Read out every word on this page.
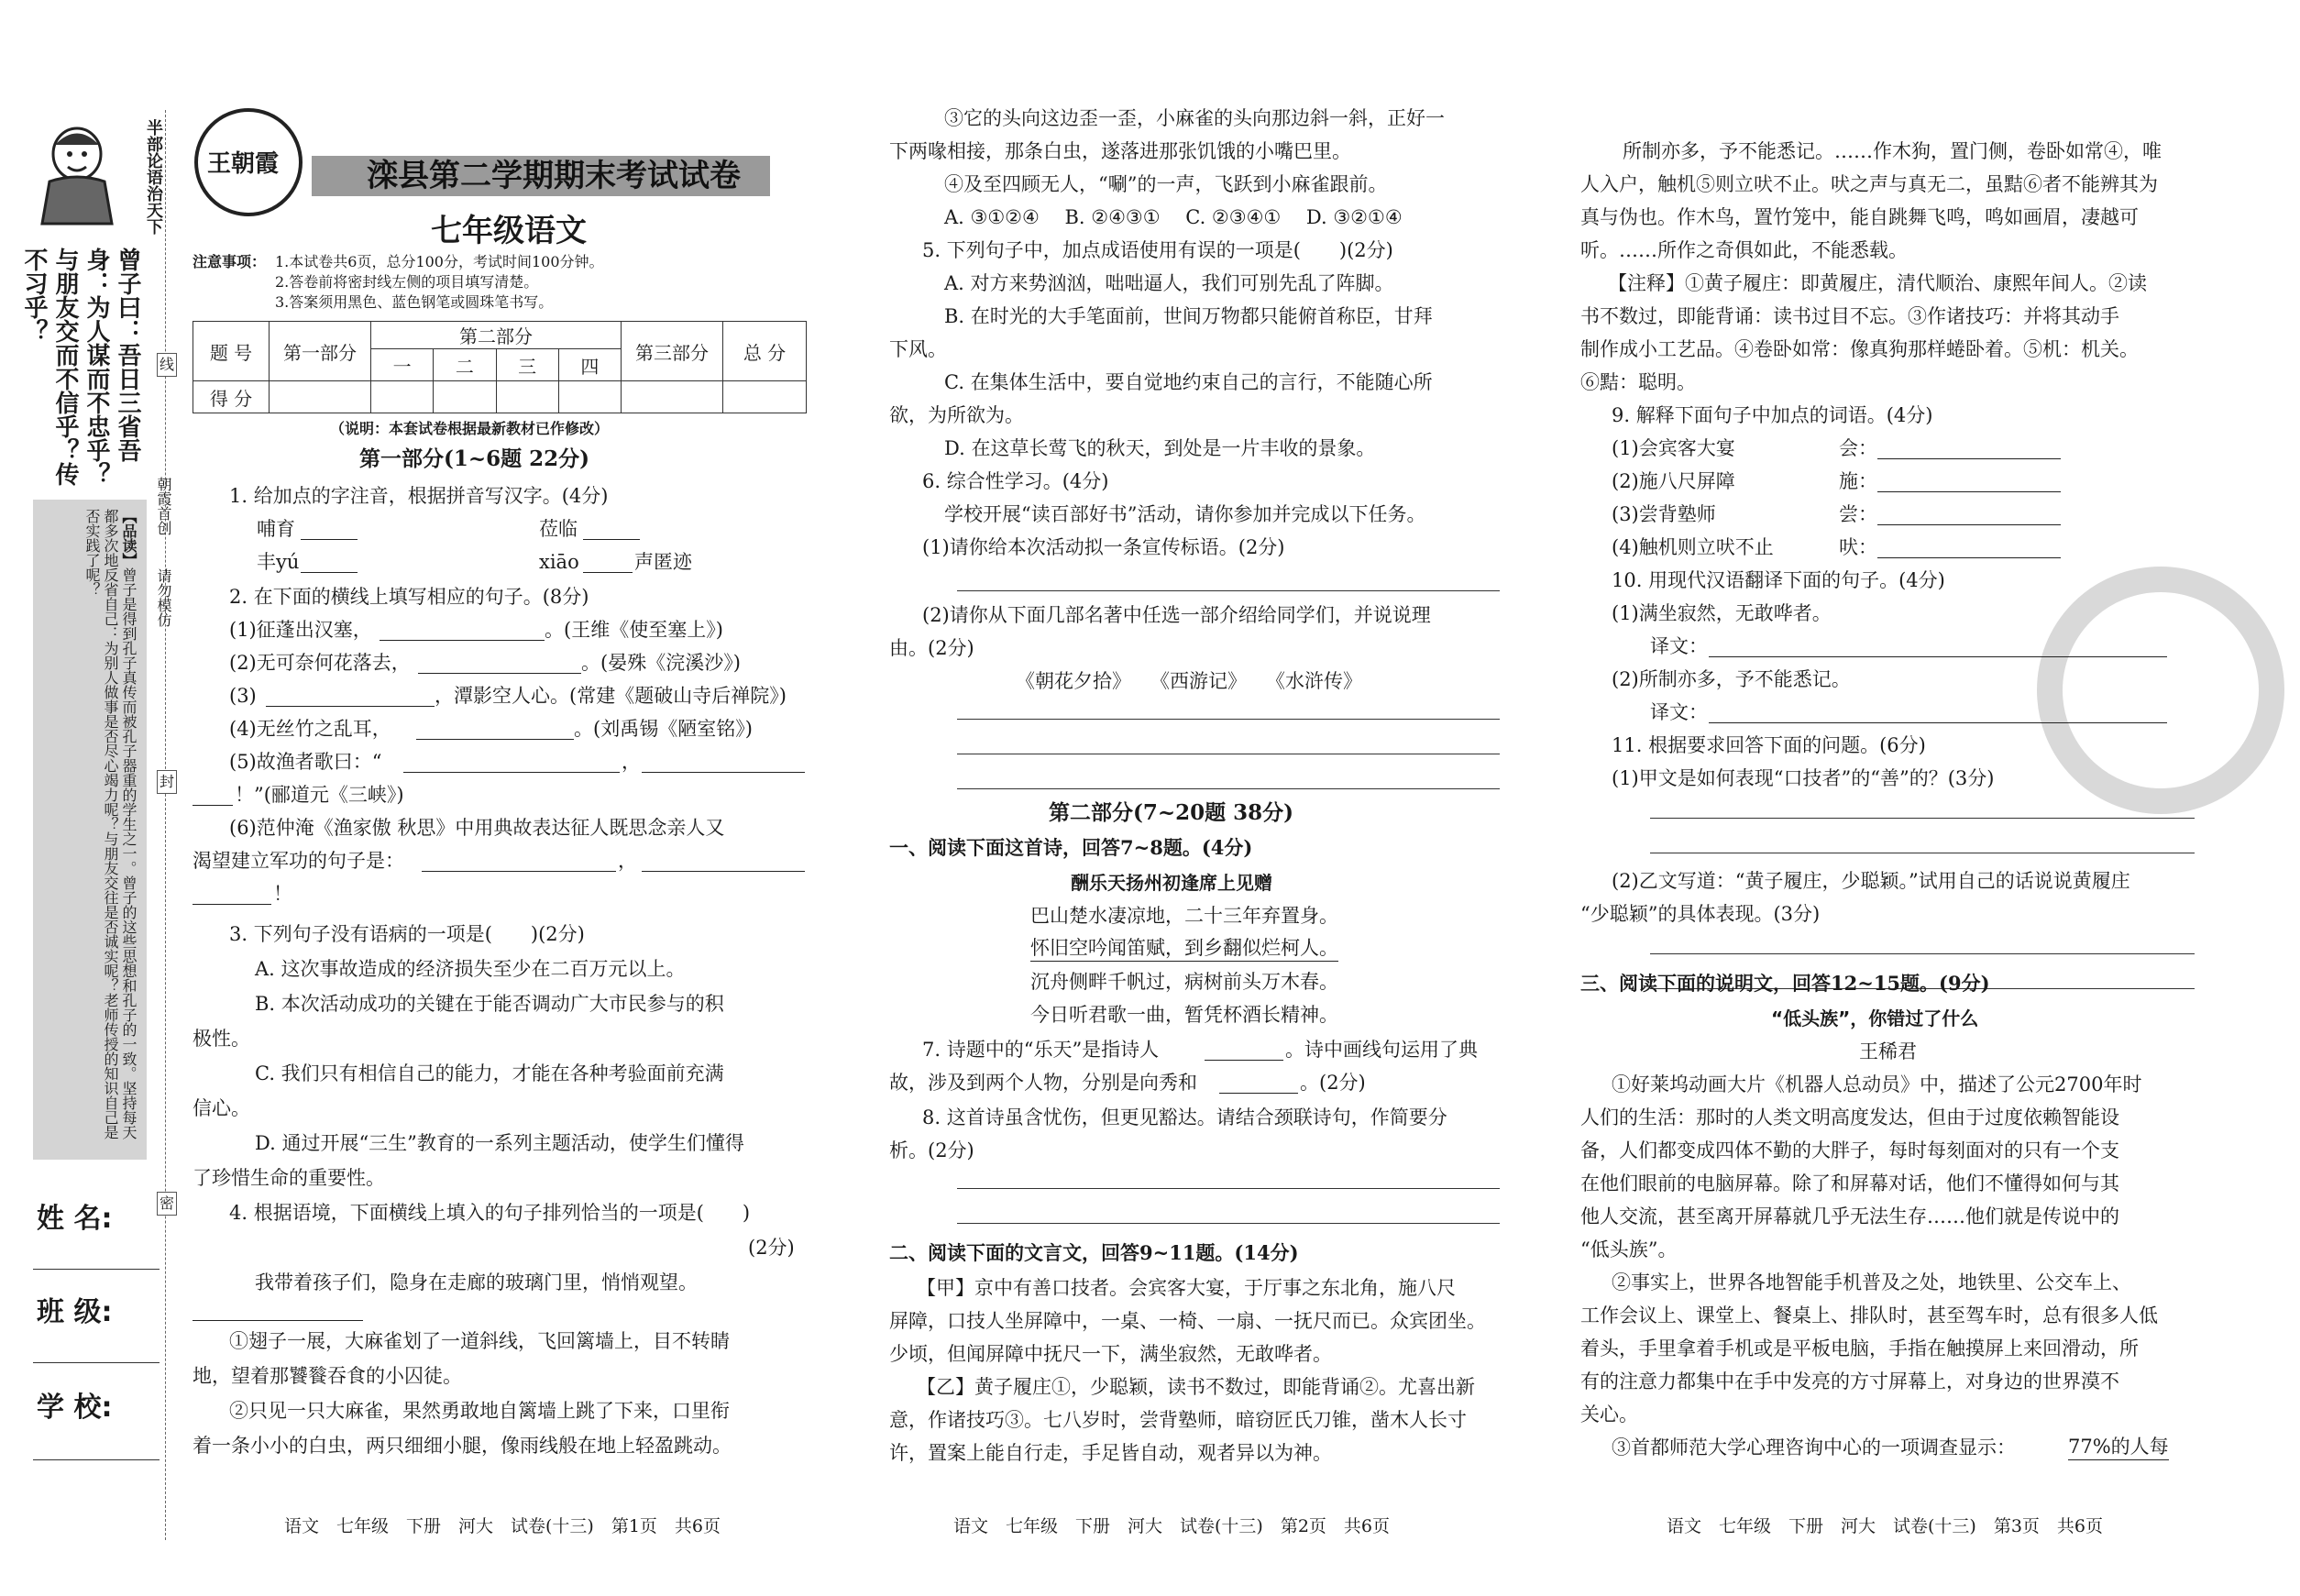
半部论语治天下
曾子曰：吾日三省吾身：为人谋而不忠乎？与朋友交而不信乎？传不习乎？
【品读】曾子是得到孔子真传而被孔子器重的学生之一。曾子的这些思想和孔子的一致。坚持每天都多次地反省自己：为别人做事是否尽心竭力呢？与朋友交往是否诚实呢？老师传授的知识自己是否实践了呢？
姓 名:
班 级:
学 校:
朝霞首创
请勿模仿
线
封
密
王朝霞	滦县第二学期期末考试试卷
七年级语文
注意事项： 1.本试卷共6页，总分100分，考试时间100分钟。
2.答卷前将密封线左侧的项目填写清楚。
3.答案须用黑色、蓝色钢笔或圆珠笔书写。
题 号	第一部分	第二部分				第三部分	总 分
		一	二	三	四		
得 分							
（说明：本套试卷根据最新教材已作修改）
第一部分(1~6题 22分)
1. 给加点的字注音，根据拼音写汉字。(4分)
哺育	莅临
丰yú	xiāo	声匿迹
2. 在下面的横线上填写相应的句子。(8分)
(1)征蓬出汉塞，	。(王维《使至塞上》)
(2)无可奈何花落去，	。(晏殊《浣溪沙》)
(3)	，潭影空人心。(常建《题破山寺后禅院》)
(4)无丝竹之乱耳，	。(刘禹锡《陋室铭》)
(5)故渔者歌曰：“	，
！”(郦道元《三峡》)
(6)范仲淹《渔家傲 秋思》中用典故表达征人既思念亲人又
渴望建立军功的句子是：	，
！
3. 下列句子没有语病的一项是(　　)(2分)
A. 这次事故造成的经济损失至少在二百万元以上。
B. 本次活动成功的关键在于能否调动广大市民参与的积
极性。
C. 我们只有相信自己的能力，才能在各种考验面前充满
信心。
D. 通过开展“三生”教育的一系列主题活动，使学生们懂得
了珍惜生命的重要性。
4. 根据语境，下面横线上填入的句子排列恰当的一项是(　　)
(2分)
我带着孩子们，隐身在走廊的玻璃门里，悄悄观望。
①翅子一展，大麻雀划了一道斜线，飞回篱墙上，目不转睛
地，望着那饕餮吞食的小囚徒。
②只见一只大麻雀，果然勇敢地自篱墙上跳了下来，口里衔
着一条小小的白虫，两只细细小腿，像雨线般在地上轻盈跳动。
语文　七年级　下册　河大　试卷(十三)　第1页　共6页
③它的头向这边歪一歪，小麻雀的头向那边斜一斜，正好一
下两喙相接，那条白虫，遂落进那张饥饿的小嘴巴里。
④及至四顾无人，“唰”的一声，飞跃到小麻雀跟前。
A. ③①②④　 B. ②④③①　 C. ②③④①　 D. ③②①④
5. 下列句子中，加点成语使用有误的一项是(　　)(2分)
A. 对方来势汹汹，咄咄逼人，我们可别先乱了阵脚。
B. 在时光的大手笔面前，世间万物都只能俯首称臣，甘拜
下风。
C. 在集体生活中，要自觉地约束自己的言行，不能随心所
欲，为所欲为。
D. 在这草长莺飞的秋天，到处是一片丰收的景象。
6. 综合性学习。(4分)
学校开展“读百部好书”活动，请你参加并完成以下任务。
(1)请你给本次活动拟一条宣传标语。(2分)
(2)请你从下面几部名著中任选一部介绍给同学们，并说说理
由。(2分)
《朝花夕拾》　　《西游记》　　《水浒传》
第二部分(7~20题 38分)
一、阅读下面这首诗，回答7~8题。(4分)
酬乐天扬州初逢席上见赠
巴山楚水凄凉地，二十三年弃置身。
怀旧空吟闻笛赋，到乡翻似烂柯人。
沉舟侧畔千帆过，病树前头万木春。
今日听君歌一曲，暂凭杯酒长精神。
7. 诗题中的“乐天”是指诗人	。诗中画线句运用了典
故，涉及到两个人物，分别是向秀和	。(2分)
8. 这首诗虽含忧伤，但更见豁达。请结合颈联诗句，作简要分
析。(2分)
二、阅读下面的文言文，回答9~11题。(14分)
【甲】京中有善口技者。会宾客大宴，于厅事之东北角，施八尺
屏障，口技人坐屏障中，一桌、一椅、一扇、一抚尺而已。众宾团坐。
少顷，但闻屏障中抚尺一下，满坐寂然，无敢哗者。
【乙】黄子履庄①，少聪颖，读书不数过，即能背诵②。尤喜出新
意，作诸技巧③。七八岁时，尝背塾师，暗窃匠氏刀锥，凿木人长寸
许，置案上能自行走，手足皆自动，观者异以为神。
语文　七年级　下册　河大　试卷(十三)　第2页　共6页
所制亦多，予不能悉记。……作木狗，置门侧，卷卧如常④，唯
人入户，触机⑤则立吠不止。吠之声与真无二，虽黠⑥者不能辨其为
真与伪也。作木鸟，置竹笼中，能自跳舞飞鸣，鸣如画眉，凄越可
听。……所作之奇俱如此，不能悉载。
【注释】①黄子履庄：即黄履庄，清代顺治、康熙年间人。②读
书不数过，即能背诵：读书过目不忘。③作诸技巧：并将其动手
制作成小工艺品。④卷卧如常：像真狗那样蜷卧着。⑤机：机关。
⑥黠：聪明。
9. 解释下面句子中加点的词语。(4分)
(1)会宾客大宴	会：
(2)施八尺屏障	施：
(3)尝背塾师	尝：
(4)触机则立吠不止	吠：
10. 用现代汉语翻译下面的句子。(4分)
(1)满坐寂然，无敢哗者。
译文：
(2)所制亦多，予不能悉记。
译文：
11. 根据要求回答下面的问题。(6分)
(1)甲文是如何表现“口技者”的“善”的？(3分)
(2)乙文写道：“黄子履庄，少聪颖。”试用自己的话说说黄履庄
“少聪颖”的具体表现。(3分)
三、阅读下面的说明文，回答12~15题。(9分)
“低头族”，你错过了什么
王稀君
①好莱坞动画大片《机器人总动员》中，描述了公元2700年时
人们的生活：那时的人类文明高度发达，但由于过度依赖智能设
备，人们都变成四体不勤的大胖子，每时每刻面对的只有一个支
在他们眼前的电脑屏幕。除了和屏幕对话，他们不懂得如何与其
他人交流，甚至离开屏幕就几乎无法生存……他们就是传说中的
“低头族”。
②事实上，世界各地智能手机普及之处，地铁里、公交车上、
工作会议上、课堂上、餐桌上、排队时，甚至驾车时，总有很多人低
着头，手里拿着手机或是平板电脑，手指在触摸屏上来回滑动，所
有的注意力都集中在手中发亮的方寸屏幕上，对身边的世界漠不
关心。
③首都师范大学心理咨询中心的一项调查显示：	77%的人每
语文　七年级　下册　河大　试卷(十三)　第3页　共6页
